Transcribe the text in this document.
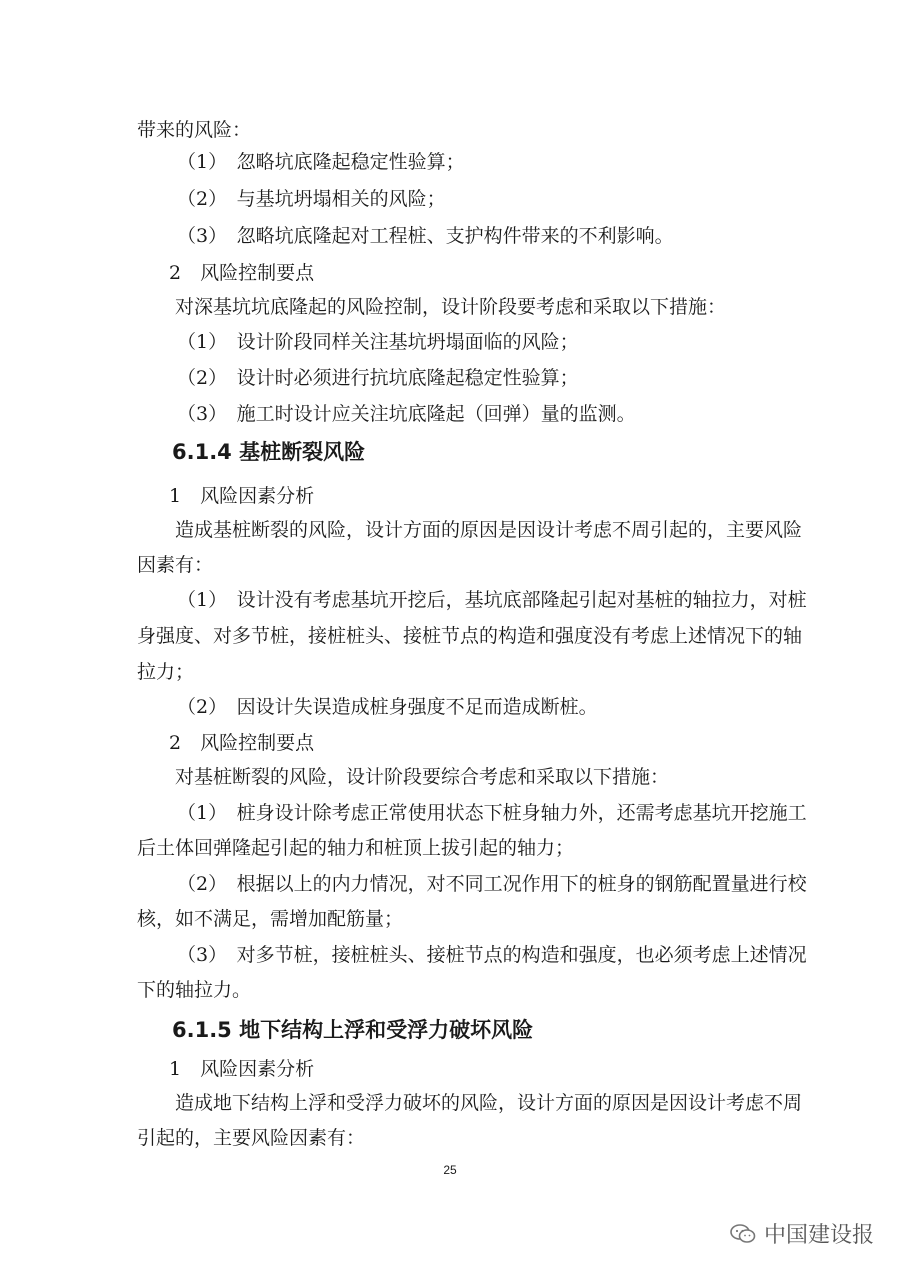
带来的风险：
（1）　忽略坑底隆起稳定性验算；
（2）　与基坑坍塌相关的风险；
（3）　忽略坑底隆起对工程桩、支护构件带来的不利影响。
2　风险控制要点
对深基坑坑底隆起的风险控制，设计阶段要考虑和采取以下措施：
（1）　设计阶段同样关注基坑坍塌面临的风险；
（2）　设计时必须进行抗坑底隆起稳定性验算；
（3）　施工时设计应关注坑底隆起（回弹）量的监测。
6.1.4 基桩断裂风险
1　风险因素分析
造成基桩断裂的风险，设计方面的原因是因设计考虑不周引起的，主要风险
因素有：
（1）　设计没有考虑基坑开挖后，基坑底部隆起引起对基桩的轴拉力，对桩
身强度、对多节桩，接桩桩头、接桩节点的构造和强度没有考虑上述情况下的轴
拉力；
（2）　因设计失误造成桩身强度不足而造成断桩。
2　风险控制要点
对基桩断裂的风险，设计阶段要综合考虑和采取以下措施：
（1）　桩身设计除考虑正常使用状态下桩身轴力外，还需考虑基坑开挖施工
后土体回弹隆起引起的轴力和桩顶上拔引起的轴力；
（2）　根据以上的内力情况，对不同工况作用下的桩身的钢筋配置量进行校
核，如不满足，需增加配筋量；
（3）　对多节桩，接桩桩头、接桩节点的构造和强度，也必须考虑上述情况
下的轴拉力。
6.1.5 地下结构上浮和受浮力破坏风险
1　风险因素分析
造成地下结构上浮和受浮力破坏的风险，设计方面的原因是因设计考虑不周
引起的，主要风险因素有：
25
中国建设报
